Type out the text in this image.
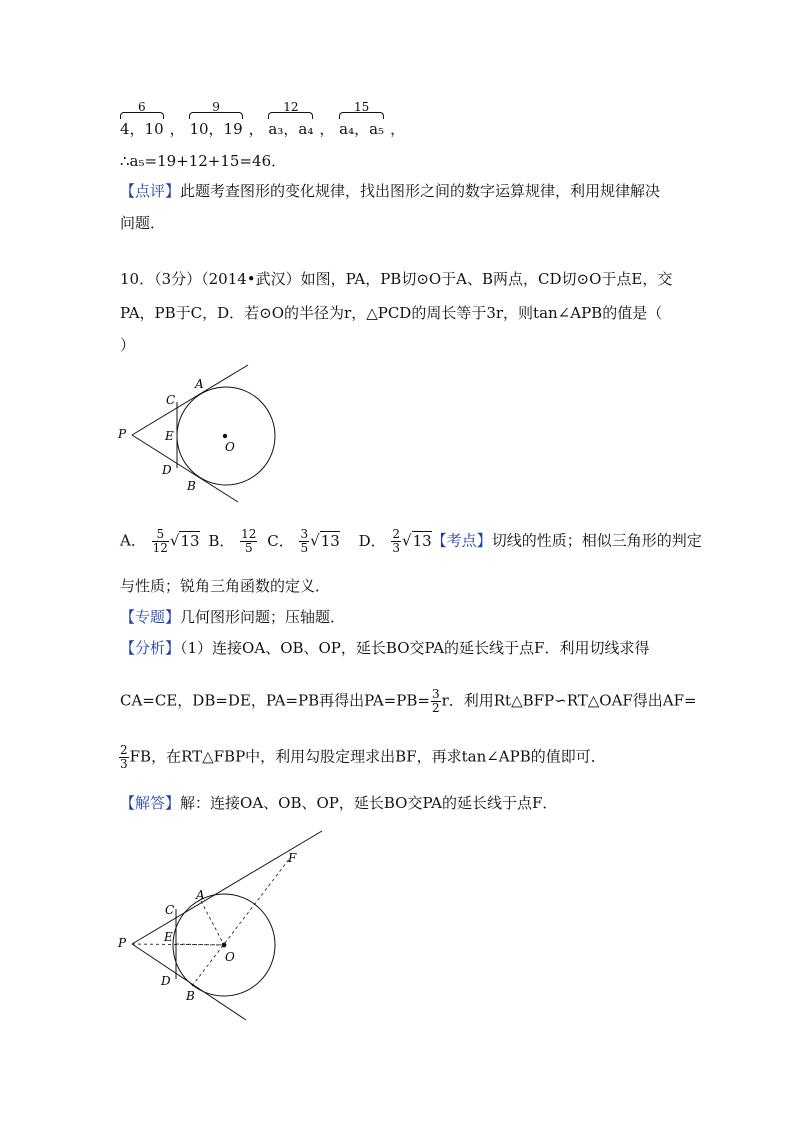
6
4，10 ，
9
10，19 ，
12
a₃，a₄ ，
15
a₄，a₅ ，
∴a₅=19+12+15=46．
【点评】此题考查图形的变化规律，找出图形之间的数字运算规律，利用规律解决
问题．
10．（3分）（2014•武汉）如图，PA，PB切⊙O于A、B两点，CD切⊙O于点E，交
PA，PB于C，D．若⊙O的半径为r，△PCD的周长等于3r，则tan∠APB的值是（
）
P
A
C
E
O
D
B
A． $\frac{5}{12} √13$ B． $\frac{12}{5}$ C． $\frac{3}{5} √13$ D． $\frac{2}{3} √13$【考点】切线的性质；相似三角形的判定
与性质；锐角三角函数的定义．
【专题】几何图形问题；压轴题．
【分析】（1）连接OA、OB、OP，延长BO交PA的延长线于点F．利用切线求得
CA=CE，DB=DE，PA=PB再得出$PA=PB= \frac{3}{2}$ r．利用Rt△BFP∽RT△OAF得出AF=
$\frac{2}{3}$ FB，在RT△FBP中，利用勾股定理求出BF，再求tan∠APB的值即可．
【解答】解：连接OA、OB、OP，延长BO交PA的延长线于点F．
P
A
C
E
O
D
B
F
